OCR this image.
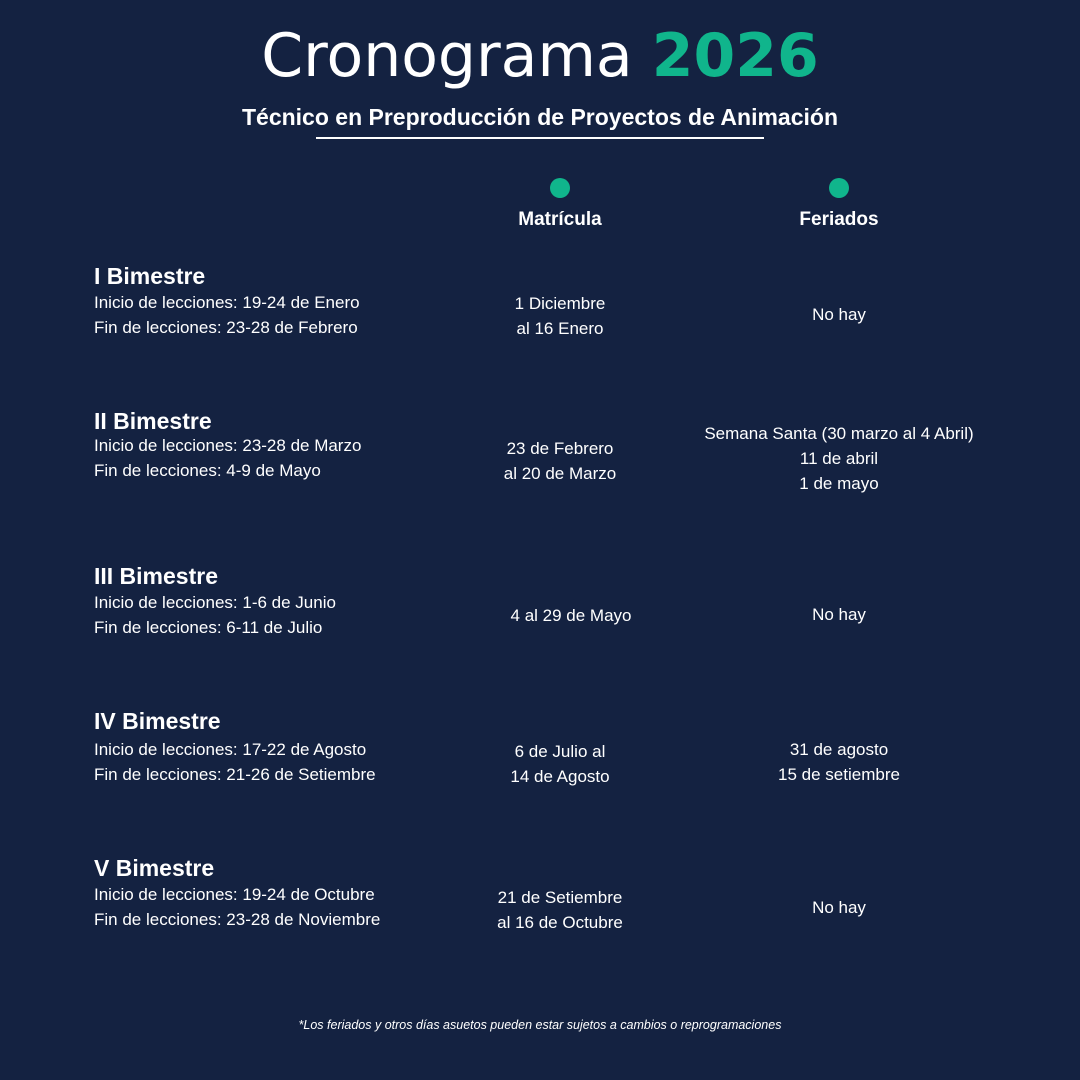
Cronograma 2026
Técnico en Preproducción de Proyectos de Animación
Matrícula	Feriados
I Bimestre
Inicio de lecciones: 19-24 de Enero
Fin de lecciones: 23-28 de Febrero
1 Diciembre
al 16 Enero
No hay
II Bimestre
Inicio de lecciones: 23-28 de Marzo
Fin de lecciones: 4-9 de Mayo
23 de Febrero
al 20 de Marzo
Semana Santa (30 marzo al 4 Abril)
11 de abril
1 de mayo
III Bimestre
Inicio de lecciones: 1-6 de Junio
Fin de lecciones: 6-11 de Julio
4 al 29 de Mayo	No hay
IV Bimestre
Inicio de lecciones: 17-22 de Agosto
Fin de lecciones: 21-26 de Setiembre
6 de Julio al
14 de Agosto
31 de agosto
15 de setiembre
V Bimestre
Inicio de lecciones: 19-24 de Octubre
Fin de lecciones: 23-28 de Noviembre
21 de Setiembre
al 16 de Octubre
No hay
*Los feriados y otros días asuetos pueden estar sujetos a cambios o reprogramaciones
